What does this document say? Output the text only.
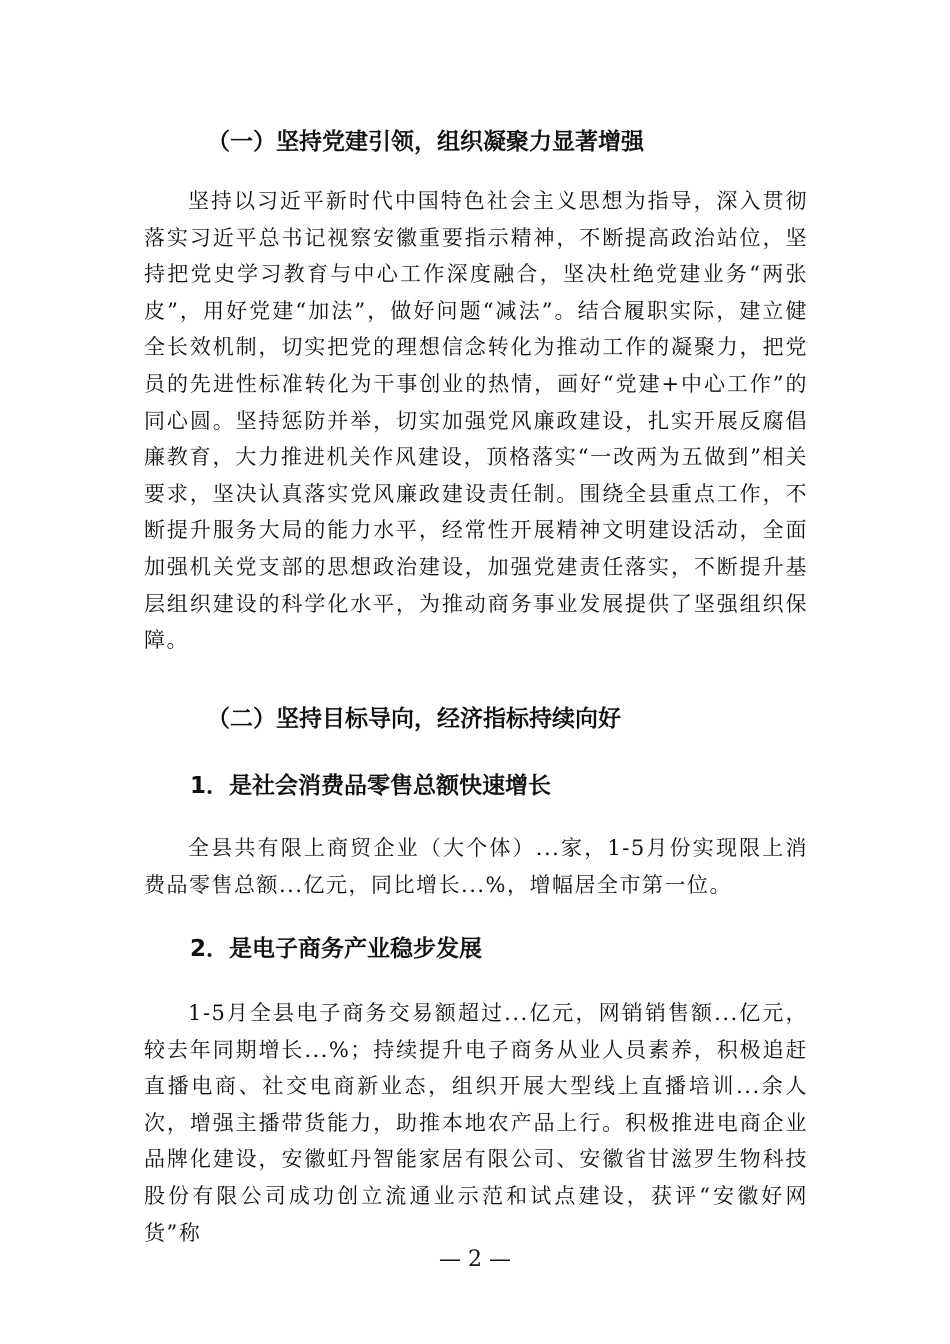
（一）坚持党建引领，组织凝聚力显著增强

坚持以习近平新时代中国特色社会主义思想为指导，深入贯彻落实习近平总书记视察安徽重要指示精神，不断提高政治站位，坚持把党史学习教育与中心工作深度融合，坚决杜绝党建业务“两张皮”，用好党建“加法”，做好问题“减法”。结合履职实际，建立健全长效机制，切实把党的理想信念转化为推动工作的凝聚力，把党员的先进性标准转化为干事创业的热情，画好“党建+中心工作”的同心圆。坚持惩防并举，切实加强党风廉政建设，扎实开展反腐倡廉教育，大力推进机关作风建设，顶格落实“一改两为五做到”相关要求，坚决认真落实党风廉政建设责任制。围绕全县重点工作，不断提升服务大局的能力水平，经常性开展精神文明建设活动，全面加强机关党支部的思想政治建设，加强党建责任落实，不断提升基层组织建设的科学化水平，为推动商务事业发展提供了坚强组织保障。

（二）坚持目标导向，经济指标持续向好
1．是社会消费品零售总额快速增长

全县共有限上商贸企业（大个体）...家，1-5月份实现限上消费品零售总额...亿元，同比增长...%，增幅居全市第一位。

2．是电子商务产业稳步发展

1-5月全县电子商务交易额超过...亿元，网销销售额...亿元，较去年同期增长...%；持续提升电子商务从业人员素养，积极追赶直播电商、社交电商新业态，组织开展大型线上直播培训...余人次，增强主播带货能力，助推本地农产品上行。积极推进电商企业品牌化建设，安徽虹丹智能家居有限公司、安徽省甘滋罗生物科技股份有限公司成功创立流通业示范和试点建设，获评“安徽好网货”称

— 2 —
